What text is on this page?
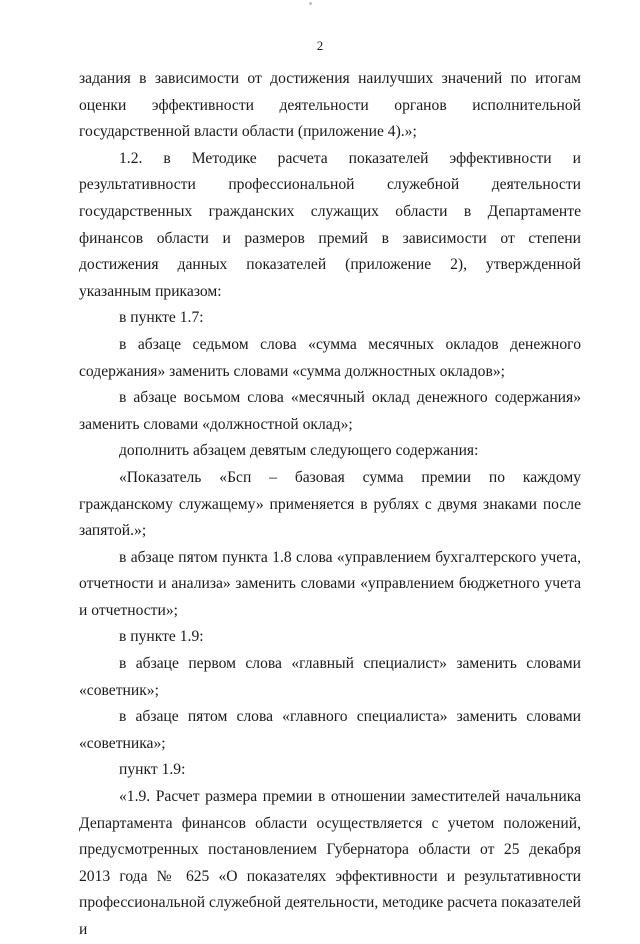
2

задания в зависимости от достижения наилучших значений по итогам оценки эффективности деятельности органов исполнительной государственной власти области (приложение 4).»;

1.2. в Методике расчета показателей эффективности и результативности профессиональной служебной деятельности государственных гражданских служащих области в Департаменте финансов области и размеров премий в зависимости от степени достижения данных показателей (приложение 2), утвержденной указанным приказом:

в пункте 1.7:

в абзаце седьмом слова «сумма месячных окладов денежного содержания» заменить словами «сумма должностных окладов»;

в абзаце восьмом слова «месячный оклад денежного содержания» заменить словами «должностной оклад»;

дополнить абзацем девятым следующего содержания:

«Показатель «Бсп – базовая сумма премии по каждому гражданскому служащему» применяется в рублях с двумя знаками после запятой.»;

в абзаце пятом пункта 1.8 слова «управлением бухгалтерского учета, отчетности и анализа» заменить словами «управлением бюджетного учета и отчетности»;

в пункте 1.9:

в абзаце первом слова «главный специалист» заменить словами «советник»;

в абзаце пятом слова «главного специалиста» заменить словами «советника»;

пункт 1.9:

«1.9. Расчет размера премии в отношении заместителей начальника Департамента финансов области осуществляется с учетом положений, предусмотренных постановлением Губернатора области от 25 декабря 2013 года № 625 «О показателях эффективности и результативности профессиональной служебной деятельности, методике расчета показателей и
